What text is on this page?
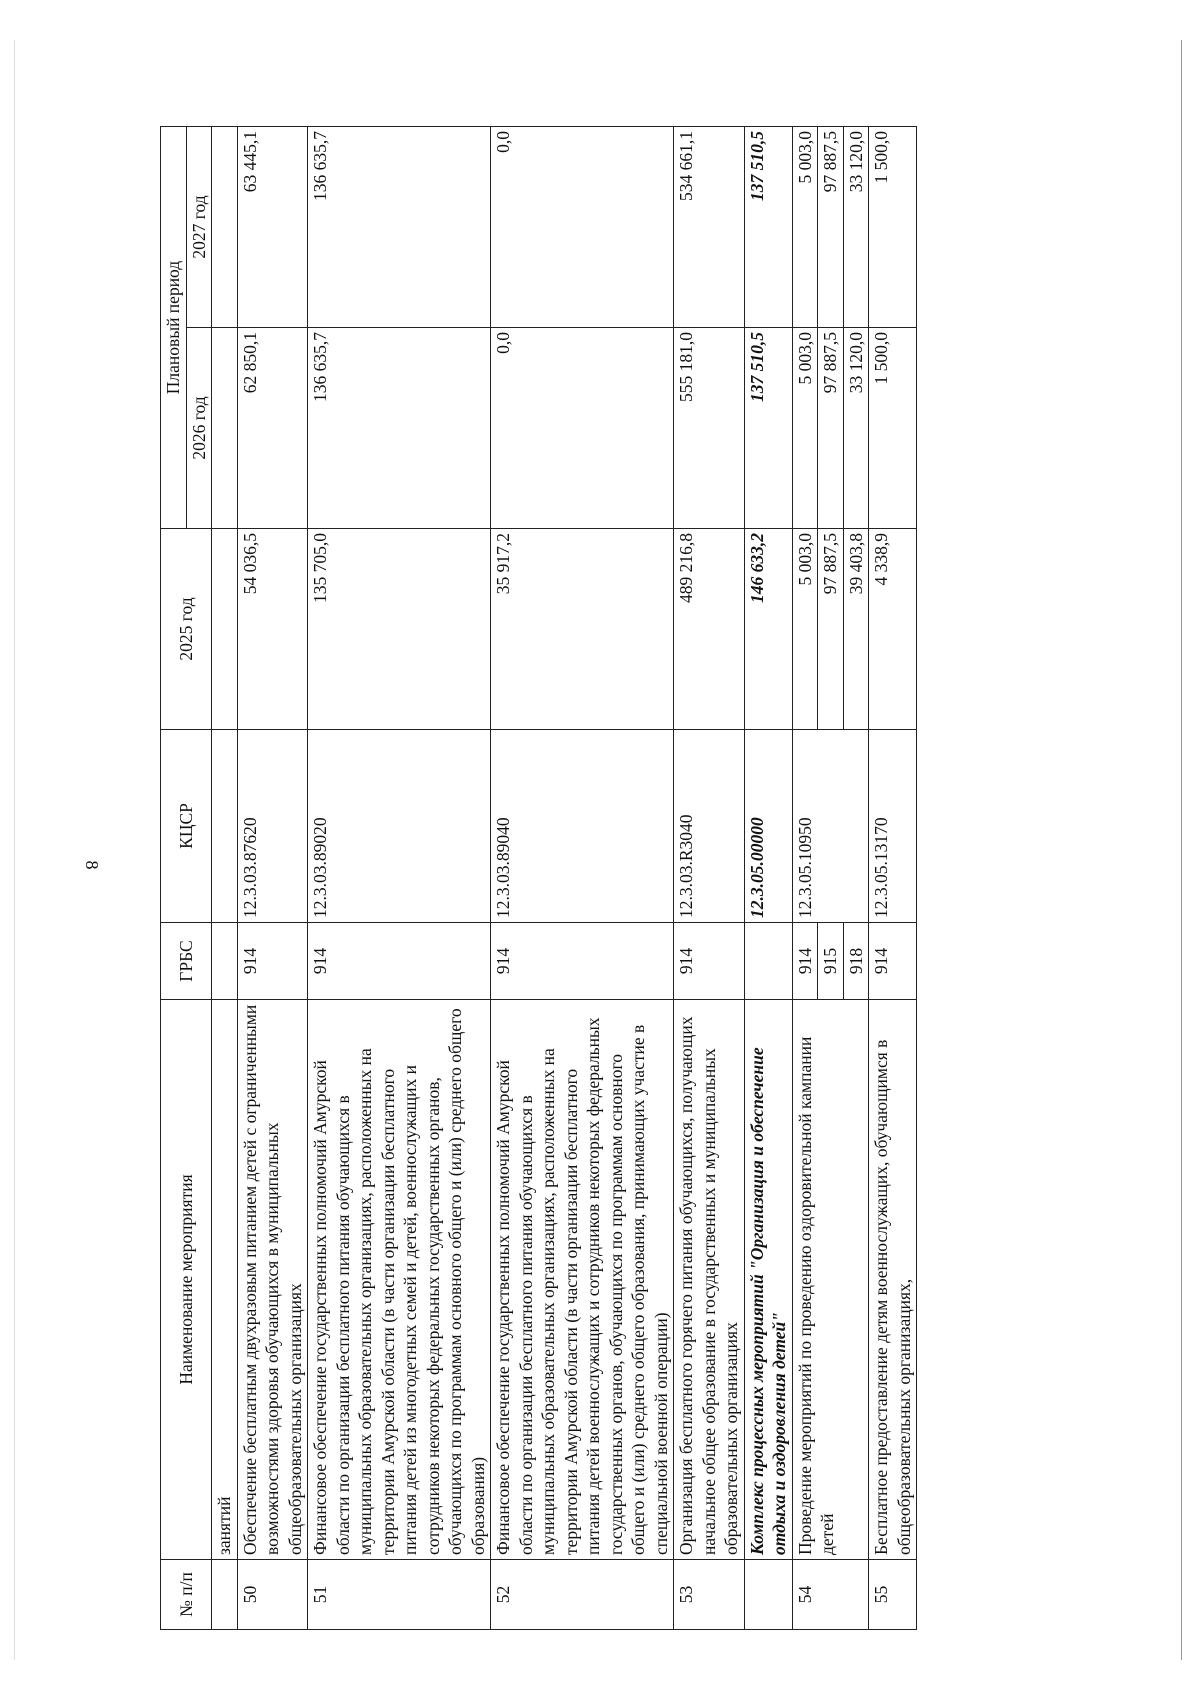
8
№ п/п	Наименование мероприятия	ГРБС	КЦСР	2025 год	Плановый период	
					2026 год	2027 год
	занятий					
50	Обеспечение бесплатным двухразовым питанием детей с ограниченными возможностями здоровья обучающихся в муниципальных общеобразовательных организациях	914	12.3.03.87620	54 036,5	62 850,1	63 445,1
51	Финансовое обеспечение государственных полномочий Амурской области по организации бесплатного питания обучающихся в муниципальных образовательных организациях, расположенных на территории Амурской области (в части организации бесплатного питания детей из многодетных семей и детей, военнослужащих и сотрудников некоторых федеральных государственных органов, обучающихся по программам основного общего и (или) среднего общего образования)	914	12.3.03.89020	135 705,0	136 635,7	136 635,7
52	Финансовое обеспечение государственных полномочий Амурской области по организации бесплатного питания обучающихся в муниципальных образовательных организациях, расположенных на территории Амурской области (в части организации бесплатного питания детей военнослужащих и сотрудников некоторых федеральных государственных органов, обучающихся по программам основного общего и (или) среднего общего образования, принимающих участие в специальной военной операции)	914	12.3.03.89040	35 917,2	0,0	0,0
53	Организация бесплатного горячего питания обучающихся, получающих начальное общее образование в государственных и муниципальных образовательных организациях	914	12.3.03.R3040	489 216,8	555 181,0	534 661,1
	Комплекс процессных мероприятий "Организация и обеспечение отдыха и оздоровления детей"		12.3.05.00000	146 633,2	137 510,5	137 510,5
54	Проведение мероприятий по проведению оздоровительной кампании детей	914	12.3.05.10950	5 003,0	5 003,0	5 003,0
		915		97 887,5	97 887,5	97 887,5
		918		39 403,8	33 120,0	33 120,0
55	Бесплатное предоставление детям военнослужащих, обучающимся в общеобразовательных организациях,	914	12.3.05.13170	4 338,9	1 500,0	1 500,0
